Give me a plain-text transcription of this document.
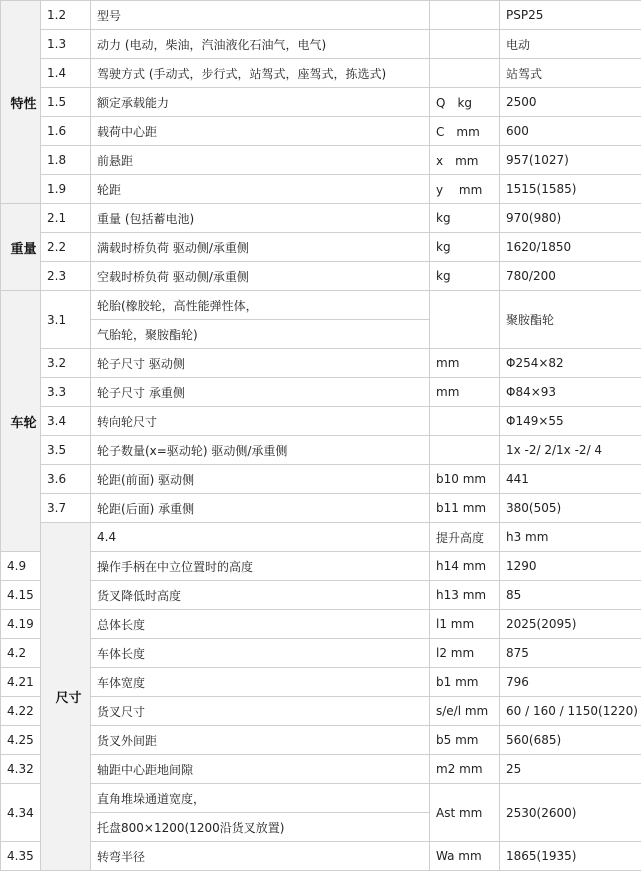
特性	1.2	型号		PSP25	
	1.3	动力 (电动，柴油，汽油液化石油气，电气)		电动	
	1.4	驾驶方式 (手动式，步行式，站驾式，座驾式，拣选式)		站驾式	
	1.5	额定承载能力	Q　kg	2500	
	1.6	载荷中心距	C　mm	600	
	1.8	前悬距	x　mm	957(1027)	
	1.9	轮距	y　 mm	1515(1585)	
重量	2.1	重量 (包括蓄电池)	kg	970(980)	
	2.2	满载时桥负荷 驱动侧/承重侧	kg	1620/1850	
	2.3	空载时桥负荷 驱动侧/承重侧	kg	780/200	
车轮	3.1	轮胎(橡胶轮，高性能弹性体，		聚胺酯轮	
		气胎轮，聚胺酯轮)			
	3.2	轮子尺寸 驱动侧	mm	Φ254×82	
	3.3	轮子尺寸 承重侧	mm	Φ84×93	
	3.4	转向轮尺寸		Φ149×55	
	3.5	轮子数量(x=驱动轮) 驱动侧/承重侧		1x -2/ 2/1x -2/ 4	
	3.6	轮距(前面) 驱动侧	b10 mm	441	
	3.7	轮距(后面) 承重侧	b11 mm	380(505)	
	尺寸	4.4	提升高度	h3 mm	
4.9		操作手柄在中立位置时的高度	h14 mm	1290	
4.15		货叉降低时高度	h13 mm	85	
4.19		总体长度	l1 mm	2025(2095)	
4.2		车体长度	l2 mm	875	
4.21		车体宽度	b1 mm	796	
4.22		货叉尺寸	s/e/l mm	60 / 160 / 1150(1220)	
4.25		货叉外间距	b5 mm	560(685)	
4.32		轴距中心距地间隙	m2 mm	25	
4.34		直角堆垛通道宽度，	Ast mm	2530(2600)	
		托盘800×1200(1200沿货叉放置)			
4.35		转弯半径	Wa mm	1865(1935)	
